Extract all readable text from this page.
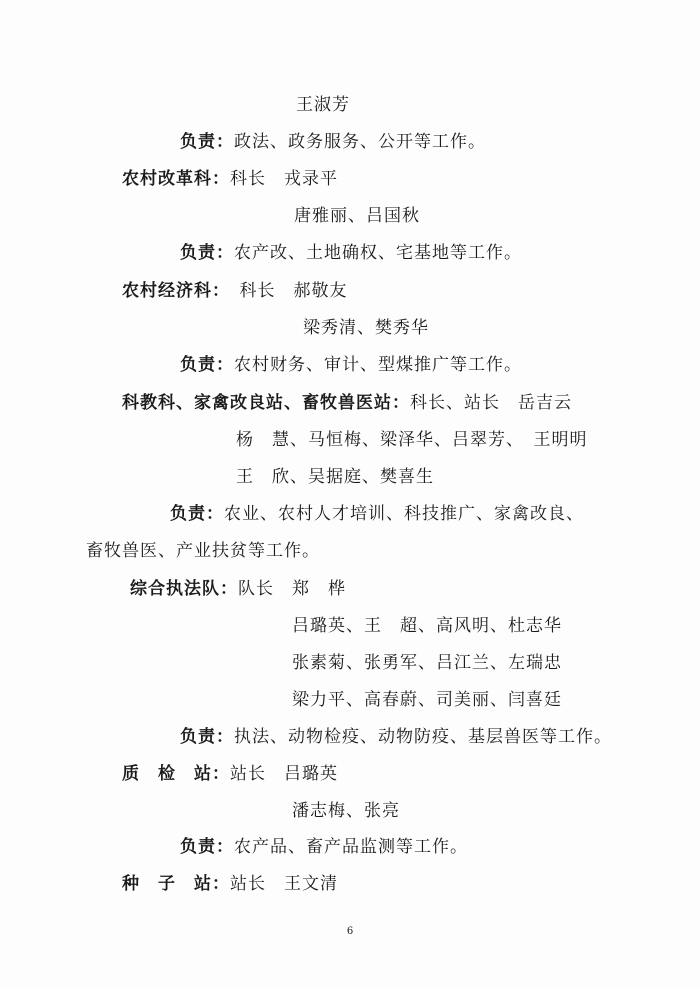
王淑芳
负责：政法、政务服务、公开等工作。
农村改革科：科长　戎录平
唐雅丽、吕国秋
负责：农产改、土地确权、宅基地等工作。
农村经济科：　科长　郝敬友
梁秀清、樊秀华
负责：农村财务、审计、型煤推广等工作。
科教科、家禽改良站、畜牧兽医站：科长、站长　岳吉云
杨　慧、马恒梅、梁泽华、吕翠芳、　王明明
王　欣、吴据庭、樊喜生
负责：农业、农村人才培训、科技推广、家禽改良、
畜牧兽医、产业扶贫等工作。
综合执法队：队长　郑　桦
吕璐英、王　超、高风明、杜志华
张素菊、张勇军、吕江兰、左瑞忠
梁力平、高春蔚、司美丽、闫喜廷
负责：执法、动物检疫、动物防疫、基层兽医等工作。
质　检　站：站长　吕璐英
潘志梅、张亮
负责：农产品、畜产品监测等工作。
种　子　站：站长　王文清
6
